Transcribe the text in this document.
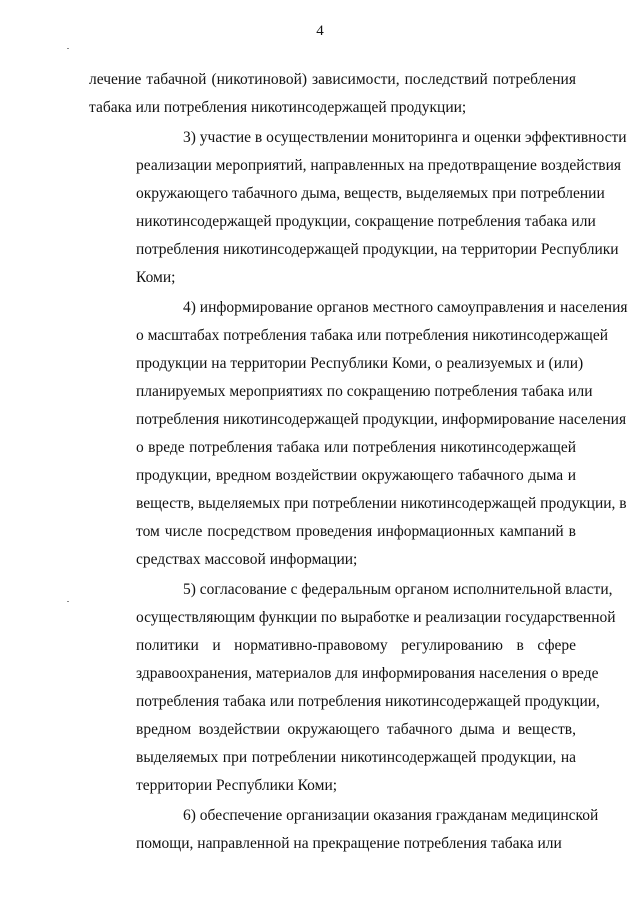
4
лечение табачной (никотиновой) зависимости, последствий потребления
табака или потребления никотинсодержащей продукции;
3) участие в осуществлении мониторинга и оценки эффективности
реализации мероприятий, направленных на предотвращение воздействия
окружающего табачного дыма, веществ, выделяемых при потреблении
никотинсодержащей продукции, сокращение потребления табака или
потребления никотинсодержащей продукции, на территории Республики
Коми;
4) информирование органов местного самоуправления и населения
о масштабах потребления табака или потребления никотинсодержащей
продукции на территории Республики Коми, о реализуемых и (или)
планируемых мероприятиях по сокращению потребления табака или
потребления никотинсодержащей продукции, информирование населения
о вреде потребления табака или потребления никотинсодержащей
продукции, вредном воздействии окружающего табачного дыма и
веществ, выделяемых при потреблении никотинсодержащей продукции, в
том числе посредством проведения информационных кампаний в
средствах массовой информации;
5) согласование с федеральным органом исполнительной власти,
осуществляющим функции по выработке и реализации государственной
политики и нормативно-правовому регулированию в сфере
здравоохранения, материалов для информирования населения о вреде
потребления табака или потребления никотинсодержащей продукции,
вредном воздействии окружающего табачного дыма и веществ,
выделяемых при потреблении никотинсодержащей продукции, на
территории Республики Коми;
6) обеспечение организации оказания гражданам медицинской
помощи, направленной на прекращение потребления табака или
